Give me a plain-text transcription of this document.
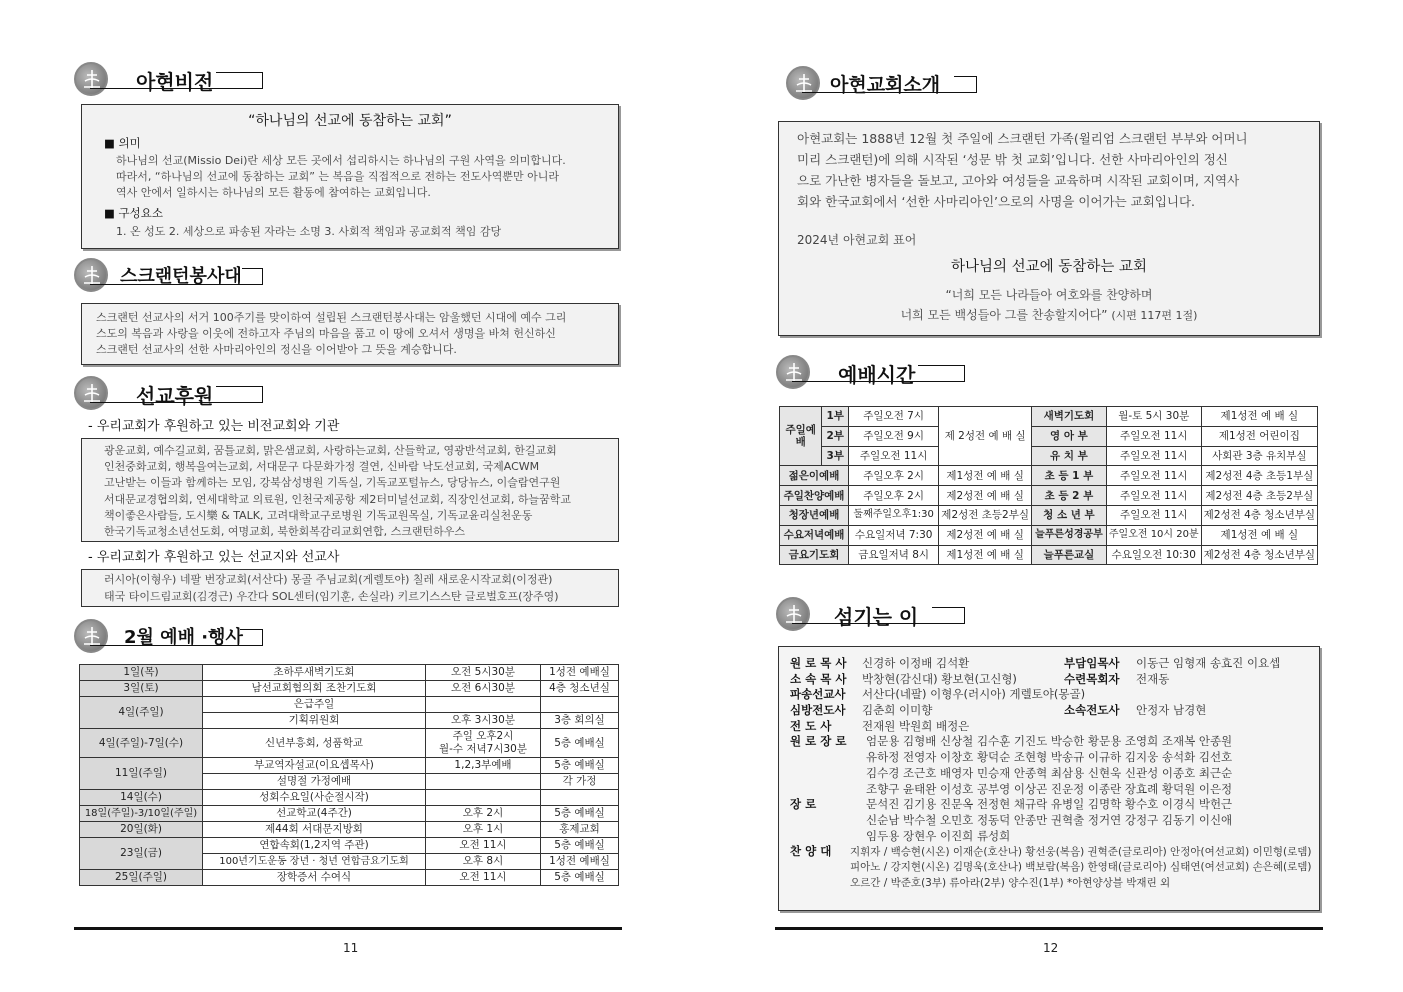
아현비전
“하나님의 선교에 동참하는 교회”
■ 의미
하나님의 선교(Missio Dei)란 세상 모든 곳에서 섭리하시는 하나님의 구원 사역을 의미합니다.
따라서, “하나님의 선교에 동참하는 교회” 는 복음을 직접적으로 전하는 전도사역뿐만 아니라
역사 안에서 일하시는 하나님의 모든 활동에 참여하는 교회입니다.
■ 구성요소
1. 온 성도 2. 세상으로 파송된 자라는 소명 3. 사회적 책임과 공교회적 책임 감당
스크랜턴봉사대
스크랜턴 선교사의 서거 100주기를 맞이하여 설립된 스크랜턴봉사대는 암울했던 시대에 예수 그리
스도의 복음과 사랑을 이웃에 전하고자 주님의 마음을 품고 이 땅에 오셔서 생명을 바쳐 헌신하신
스크랜턴 선교사의 선한 사마리아인의 정신을 이어받아 그 뜻을 계승합니다.
선교후원
- 우리교회가 후원하고 있는 비전교회와 기관
광운교회, 예수길교회, 꿈틀교회, 맑은샘교회, 사랑하는교회, 산들학교, 영광반석교회, 한길교회
인천중화교회, 행복을여는교회, 서대문구 다문화가정 결연, 신바람 낙도선교회, 국제ACWM
고난받는 이들과 함께하는 모임, 강북삼성병원 기독실, 기독교포털뉴스, 당당뉴스, 이슬람연구원
서대문교경협의회, 연세대학교 의료원, 인천국제공항 제2터미널선교회, 직장인선교회, 하늘꿈학교
책이좋은사람들, 도시樂 & TALK, 고려대학교구로병원 기독교원목실, 기독교윤리실천운동
한국기독교청소년선도회, 여명교회, 북한회복감리교회연합, 스크랜턴하우스
- 우리교회가 후원하고 있는 선교지와 선교사
러시아(이형우) 네팔 번장교회(서산다) 몽골 주님교회(게렐토야) 칠레 새로운시작교회(이정관)
태국 타이드림교회(김경근) 우간다 SOL센터(임기훈, 손실라) 키르기스스탄 글로벌호프(장주영)
2월 예배 ·행사
1일(목)	초하루새벽기도회	오전 5시30분	1성전 예배실
3일(토)	남선교회협의회 조찬기도회	오전 6시30분	4층 청소년실
4일(주일)	은급주일		
	기획위원회	오후 3시30분	3층 회의실
4일(주일)-7일(수)	신년부흥회, 성품학교	주일 오후2시
월-수 저녁7시30분	5층 예배실
11일(주일)	부교역자설교(이요셉목사)	1,2,3부예배	5층 예배실
	설명절 가정예배		각 가정
14일(수)	성회수요일(사순절시작)		
18일(주일)-3/10일(주일)	선교학교(4주간)	오후 2시	5층 예배실
20일(화)	제44회 서대문지방회	오후 1시	홍제교회
23일(금)	연합속회(1,2지역 주관)	오전 11시	5층 예배실
	100년기도운동 장년 · 청년 연합금요기도회	오후 8시	1성전 예배실
25일(주일)	장학증서 수여식	오전 11시	5층 예배실
11
아현교회소개
아현교회는 1888년 12월 첫 주일에 스크랜턴 가족(윌리엄 스크랜턴 부부와 어머니
미리 스크랜턴)에 의해 시작된 ‘성문 밖 첫 교회’입니다. 선한 사마리아인의 정신
으로 가난한 병자들을 돌보고, 고아와 여성들을 교육하며 시작된 교회이며, 지역사
회와 한국교회에서 ‘선한 사마리아인’으로의 사명을 이어가는 교회입니다.
2024년 아현교회 표어
하나님의 선교에 동참하는 교회
“너희 모든 나라들아 여호와를 찬양하며
너희 모든 백성들아 그를 찬송할지어다” (시편 117편 1절)
예배시간
주일예배	1부	주일오전 7시	제 2성전 예 배 실	새벽기도회	월-토 5시 30분	제1성전 예 배 실
	2부	주일오전 9시		영 아 부	주일오전 11시	제1성전 어린이집
	3부	주일오전 11시		유 치 부	주일오전 11시	사회관 3층 유치부실
젊은이예배		주일오후 2시	제1성전 예 배 실	초 등 1 부	주일오전 11시	제2성전 4층 초등1부실
주일찬양예배		주일오후 2시	제2성전 예 배 실	초 등 2 부	주일오전 11시	제2성전 4층 초등2부실
청장년예배		둘째주일오후1:30	제2성전 초등2부실	청 소 년 부	주일오전 11시	제2성전 4층 청소년부실
수요저녁예배		수요일저녁 7:30	제2성전 예 배 실	늘푸른성경공부	주일오전 10시 20분	제1성전 예 배 실
금요기도회		금요일저녁 8시	제1성전 예 배 실	늘푸른교실	수요일오전 10:30	제2성전 4층 청소년부실
섬기는 이
원 로 목 사 신경하 이정배 김석환	부담임목사 이동근 임형재 송효진 이요셉
소 속 목 사 박창현(감신대) 황보현(고신형)	수련목회자 전재동
파송선교사 서산다(네팔) 이형우(러시아) 게렐토야(몽골)
심방전도사 김춘희 이미향	소속전도사 안정자 남경현
전 도 사	전재원 박원희 배정은
원 로 장 로 엄문용 김형배 신상철 김수훈 기진도 박승한 황문용 조영희 조재복 안종원
유하정 전영자 이창호 황덕순 조현형 박송규 이규하 김지웅 송석화 김선호
김수경 조근호 배영자 민승재 안종혁 최삼용 신현욱 신관성 이종호 최근순
조향구 윤태완 이성호 공부영 이상곤 진운정 이종란 장효례 황덕원 이은정
장 로	문석진 김기용 진문옥 전정현 채규락 유병일 김명학 황수호 이경식 박헌근
신순남 박수철 오민호 정동덕 안종만 권혁출 정거연 강정구 김동기 이신애
임두용 장현우 이진희 류성희
찬 양 대 지휘자 / 백승현(시온) 이재순(호산나) 황선웅(복음) 권혁준(글로리아) 안정아(여선교회) 이민형(로뎀)
피아노 / 강지현(시온) 김명욱(호산나) 백보람(복음) 한영태(글로리아) 심태연(여선교회) 손은혜(로뎀)
오르간 / 박준호(3부) 류아라(2부) 양수진(1부) *아현양상블 박재린 외
12
